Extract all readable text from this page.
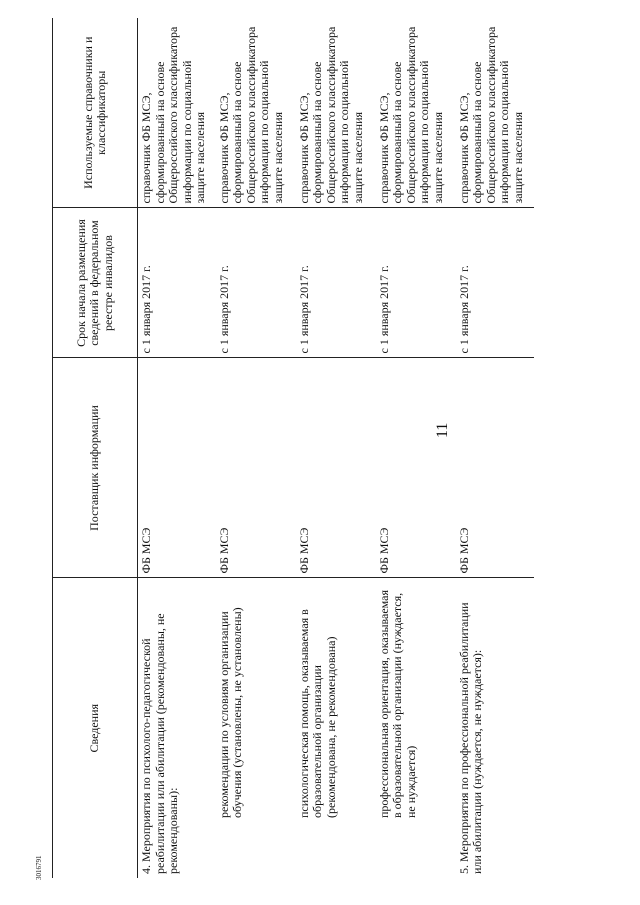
11
3016791
Сведения	Поставщик информации	Срок начала размещения сведений в федеральном реестре инвалидов	Используемые справочники и классификаторы
4. Мероприятия по психолого-педагогической реабилитации или абилитации (рекомендованы, не рекомендованы):	ФБ МСЭ	с 1 января 2017 г.	справочник ФБ МСЭ, сформированный на основе Общероссийского классификатора информации по социальной защите населения
рекомендации по условиям организации обучения (установлены, не установлены)	ФБ МСЭ	с 1 января 2017 г.	справочник ФБ МСЭ, сформированный на основе Общероссийского классификатора информации по социальной защите населения
психологическая помощь, оказываемая в образовательной организации (рекомендована, не рекомендована)	ФБ МСЭ	с 1 января 2017 г.	справочник ФБ МСЭ, сформированный на основе Общероссийского классификатора информации по социальной защите населения
профессиональная ориентация, оказываемая в образовательной организации (нуждается, не нуждается)	ФБ МСЭ	с 1 января 2017 г.	справочник ФБ МСЭ, сформированный на основе Общероссийского классификатора информации по социальной защите населения
5. Мероприятия по профессиональной реабилитации или абилитации (нуждается, не нуждается):	ФБ МСЭ	с 1 января 2017 г.	справочник ФБ МСЭ, сформированный на основе Общероссийского классификатора информации по социальной защите населения
